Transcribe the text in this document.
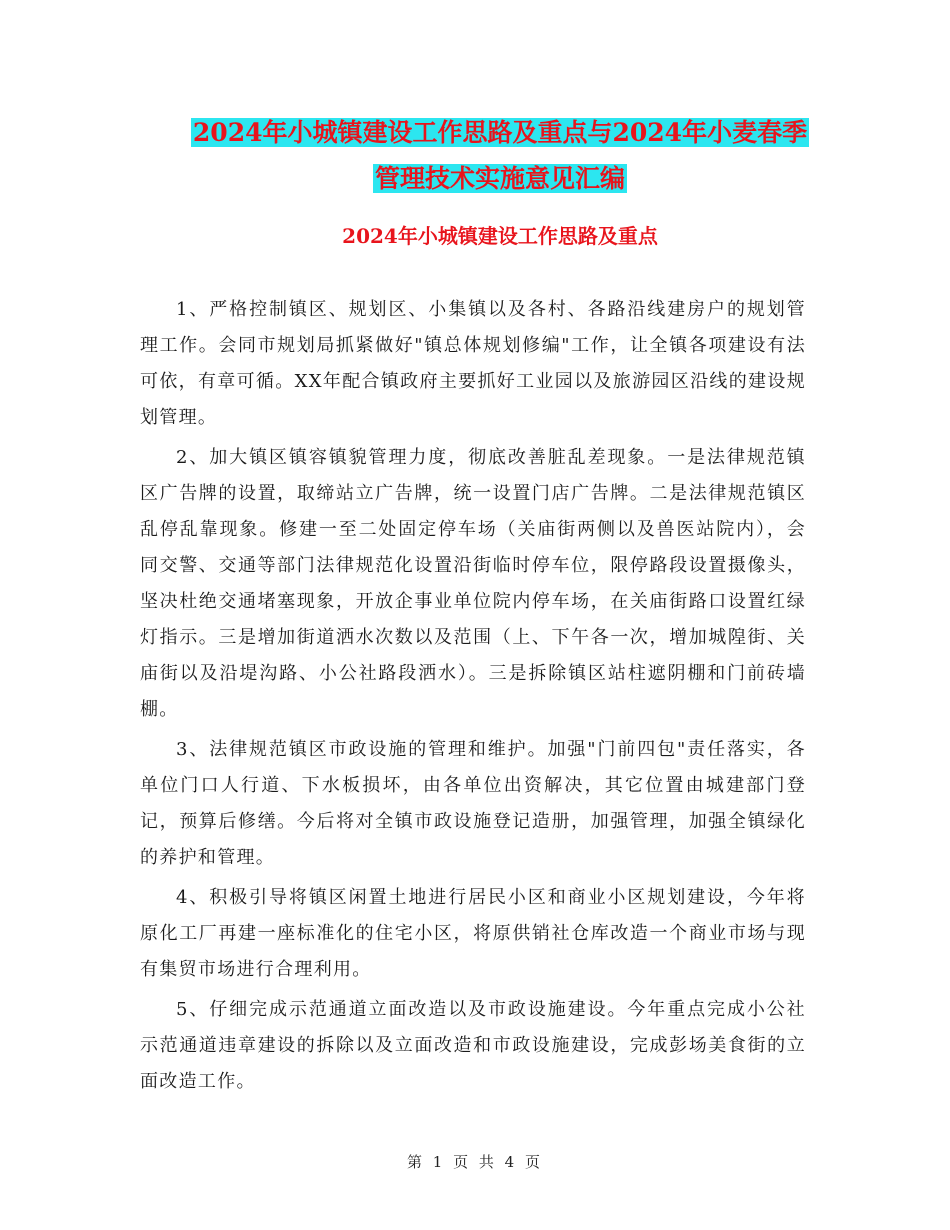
2024年小城镇建设工作思路及重点与2024年小麦春季
管理技术实施意见汇编
2024年小城镇建设工作思路及重点

1、严格控制镇区、规划区、小集镇以及各村、各路沿线建房户的规划管理工作。会同市规划局抓紧做好"镇总体规划修编"工作，让全镇各项建设有法可依，有章可循。XX年配合镇政府主要抓好工业园以及旅游园区沿线的建设规划管理。

2、加大镇区镇容镇貌管理力度，彻底改善脏乱差现象。一是法律规范镇区广告牌的设置，取缔站立广告牌，统一设置门店广告牌。二是法律规范镇区乱停乱靠现象。修建一至二处固定停车场（关庙街两侧以及兽医站院内），会同交警、交通等部门法律规范化设置沿街临时停车位，限停路段设置摄像头，坚决杜绝交通堵塞现象，开放企事业单位院内停车场，在关庙街路口设置红绿灯指示。三是增加街道洒水次数以及范围（上、下午各一次，增加城隍街、关庙街以及沿堤沟路、小公社路段洒水）。三是拆除镇区站柱遮阴棚和门前砖墙棚。

3、法律规范镇区市政设施的管理和维护。加强"门前四包"责任落实，各单位门口人行道、下水板损坏，由各单位出资解决，其它位置由城建部门登记，预算后修缮。今后将对全镇市政设施登记造册，加强管理，加强全镇绿化的养护和管理。

4、积极引导将镇区闲置土地进行居民小区和商业小区规划建设，今年将原化工厂再建一座标准化的住宅小区，将原供销社仓库改造一个商业市场与现有集贸市场进行合理利用。

5、仔细完成示范通道立面改造以及市政设施建设。今年重点完成小公社示范通道违章建设的拆除以及立面改造和市政设施建设，完成彭场美食街的立面改造工作。

第 1 页 共 4 页
